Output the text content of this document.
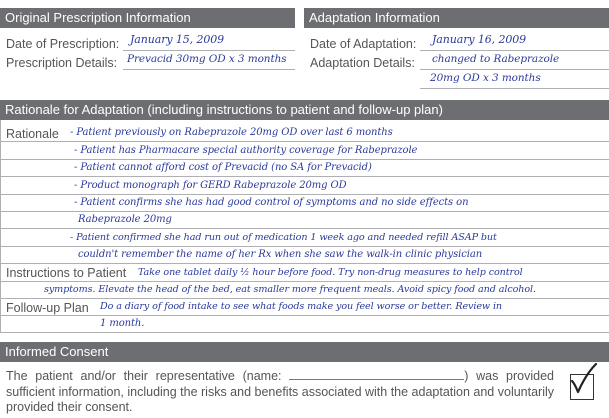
Original Prescription Information	Adaptation Information
Date of Prescription: January 15, 2009
Prescription Details: Prevacid 30mg OD x 3 months
Date of Adaptation: January 16, 2009
Adaptation Details: changed to Rabeprazole
20mg OD x 3 months
Rationale for Adaptation (including instructions to patient and follow-up plan)
Rationale - Patient previously on Rabeprazole 20mg OD over last 6 months
- Patient has Pharmacare special authority coverage for Rabeprazole
- Patient cannot afford cost of Prevacid (no SA for Prevacid)
- Product monograph for GERD Rabeprazole 20mg OD
- Patient confirms she has had good control of symptoms and no side effects on
Rabeprazole 20mg
- Patient confirmed she had run out of medication 1 week ago and needed refill ASAP but
couldn't remember the name of her Rx when she saw the walk-in clinic physician
Instructions to Patient Take one tablet daily ½ hour before food. Try non-drug measures to help control
symptoms. Elevate the head of the bed, eat smaller more frequent meals. Avoid spicy food and alcohol.
Follow-up Plan Do a diary of food intake to see what foods make you feel worse or better. Review in
1 month.
Informed Consent
The patient and/or their representative (name:	) was provided sufficient information, including the risks and benefits associated with the adaptation and voluntarily provided their consent.
